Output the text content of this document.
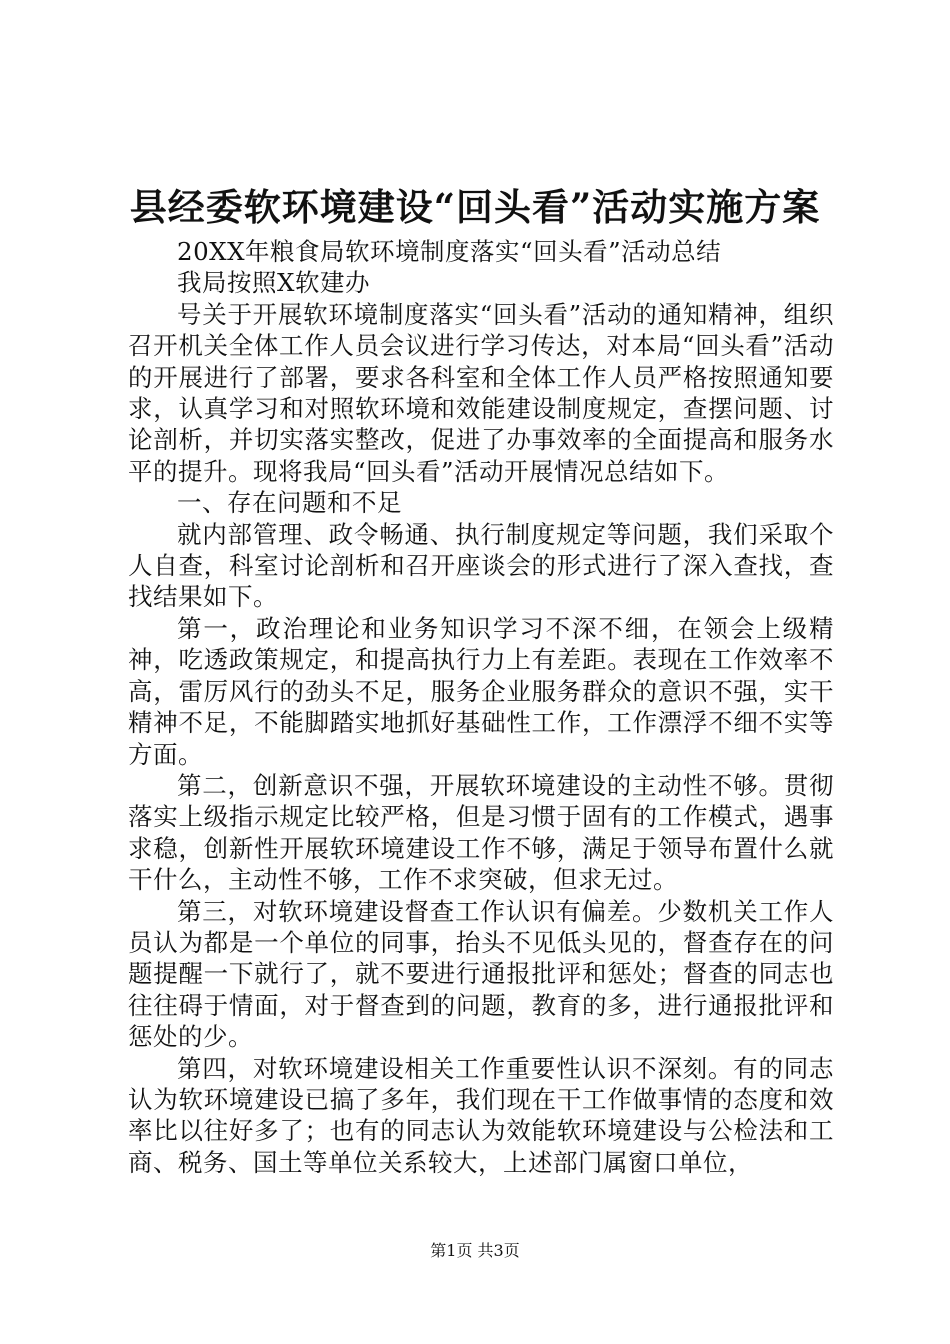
县经委软环境建设“回头看”活动实施方案

20XX年粮食局软环境制度落实“回头看”活动总结

我局按照X软建办

号关于开展软环境制度落实“回头看”活动的通知精神，组织召开机关全体工作人员会议进行学习传达，对本局“回头看”活动的开展进行了部署，要求各科室和全体工作人员严格按照通知要求，认真学习和对照软环境和效能建设制度规定，查摆问题、讨论剖析，并切实落实整改，促进了办事效率的全面提高和服务水平的提升。现将我局“回头看”活动开展情况总结如下。

一、存在问题和不足

就内部管理、政令畅通、执行制度规定等问题，我们采取个人自查，科室讨论剖析和召开座谈会的形式进行了深入查找，查找结果如下。

第一，政治理论和业务知识学习不深不细，在领会上级精神，吃透政策规定，和提高执行力上有差距。表现在工作效率不高，雷厉风行的劲头不足，服务企业服务群众的意识不强，实干精神不足，不能脚踏实地抓好基础性工作，工作漂浮不细不实等方面。

第二，创新意识不强，开展软环境建设的主动性不够。贯彻落实上级指示规定比较严格，但是习惯于固有的工作模式，遇事求稳，创新性开展软环境建设工作不够，满足于领导布置什么就干什么，主动性不够，工作不求突破，但求无过。

第三，对软环境建设督查工作认识有偏差。少数机关工作人员认为都是一个单位的同事，抬头不见低头见的，督查存在的问题提醒一下就行了，就不要进行通报批评和惩处；督查的同志也往往碍于情面，对于督查到的问题，教育的多，进行通报批评和惩处的少。

第四，对软环境建设相关工作重要性认识不深刻。有的同志认为软环境建设已搞了多年，我们现在干工作做事情的态度和效率比以往好多了；也有的同志认为效能软环境建设与公检法和工商、税务、国土等单位关系较大，上述部门属窗口单位，

第1页 共3页
